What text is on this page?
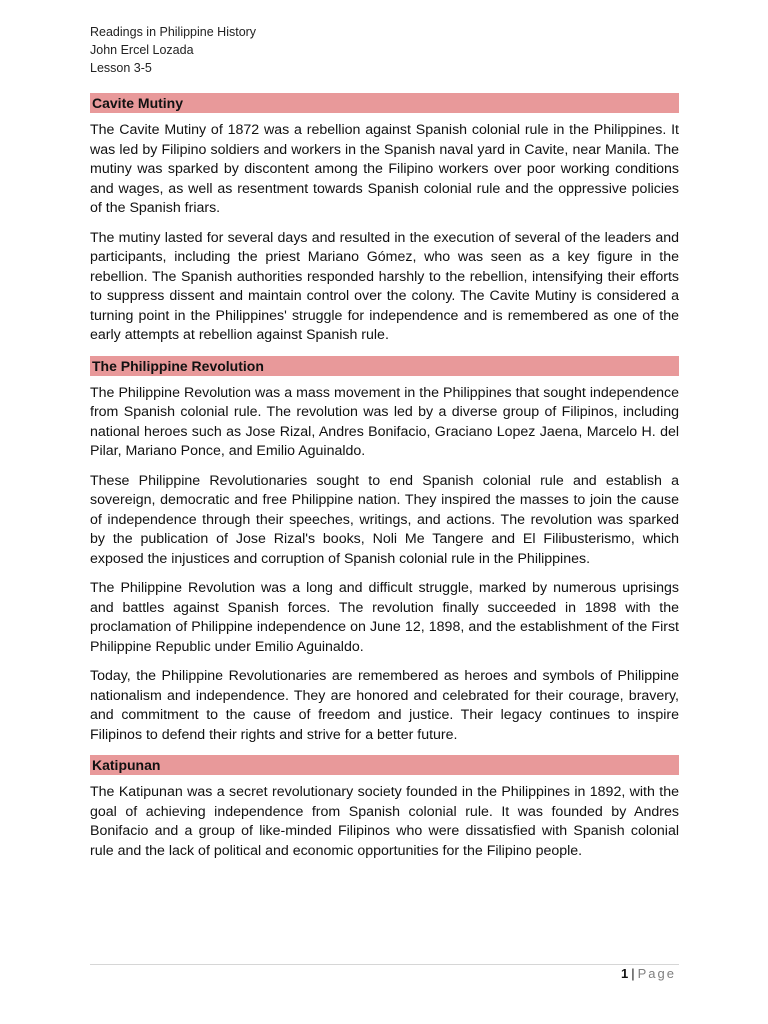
Readings in Philippine History
John Ercel Lozada
Lesson 3-5
Cavite Mutiny

The Cavite Mutiny of 1872 was a rebellion against Spanish colonial rule in the Philippines. It was led by Filipino soldiers and workers in the Spanish naval yard in Cavite, near Manila. The mutiny was sparked by discontent among the Filipino workers over poor working conditions and wages, as well as resentment towards Spanish colonial rule and the oppressive policies of the Spanish friars.

The mutiny lasted for several days and resulted in the execution of several of the leaders and participants, including the priest Mariano Gómez, who was seen as a key figure in the rebellion. The Spanish authorities responded harshly to the rebellion, intensifying their efforts to suppress dissent and maintain control over the colony. The Cavite Mutiny is considered a turning point in the Philippines' struggle for independence and is remembered as one of the early attempts at rebellion against Spanish rule.

The Philippine Revolution

The Philippine Revolution was a mass movement in the Philippines that sought independence from Spanish colonial rule. The revolution was led by a diverse group of Filipinos, including national heroes such as Jose Rizal, Andres Bonifacio, Graciano Lopez Jaena, Marcelo H. del Pilar, Mariano Ponce, and Emilio Aguinaldo.

These Philippine Revolutionaries sought to end Spanish colonial rule and establish a sovereign, democratic and free Philippine nation. They inspired the masses to join the cause of independence through their speeches, writings, and actions. The revolution was sparked by the publication of Jose Rizal's books, Noli Me Tangere and El Filibusterismo, which exposed the injustices and corruption of Spanish colonial rule in the Philippines.

The Philippine Revolution was a long and difficult struggle, marked by numerous uprisings and battles against Spanish forces. The revolution finally succeeded in 1898 with the proclamation of Philippine independence on June 12, 1898, and the establishment of the First Philippine Republic under Emilio Aguinaldo.

Today, the Philippine Revolutionaries are remembered as heroes and symbols of Philippine nationalism and independence. They are honored and celebrated for their courage, bravery, and commitment to the cause of freedom and justice. Their legacy continues to inspire Filipinos to defend their rights and strive for a better future.

Katipunan

The Katipunan was a secret revolutionary society founded in the Philippines in 1892, with the goal of achieving independence from Spanish colonial rule. It was founded by Andres Bonifacio and a group of like-minded Filipinos who were dissatisfied with Spanish colonial rule and the lack of political and economic opportunities for the Filipino people.

1 | Page
